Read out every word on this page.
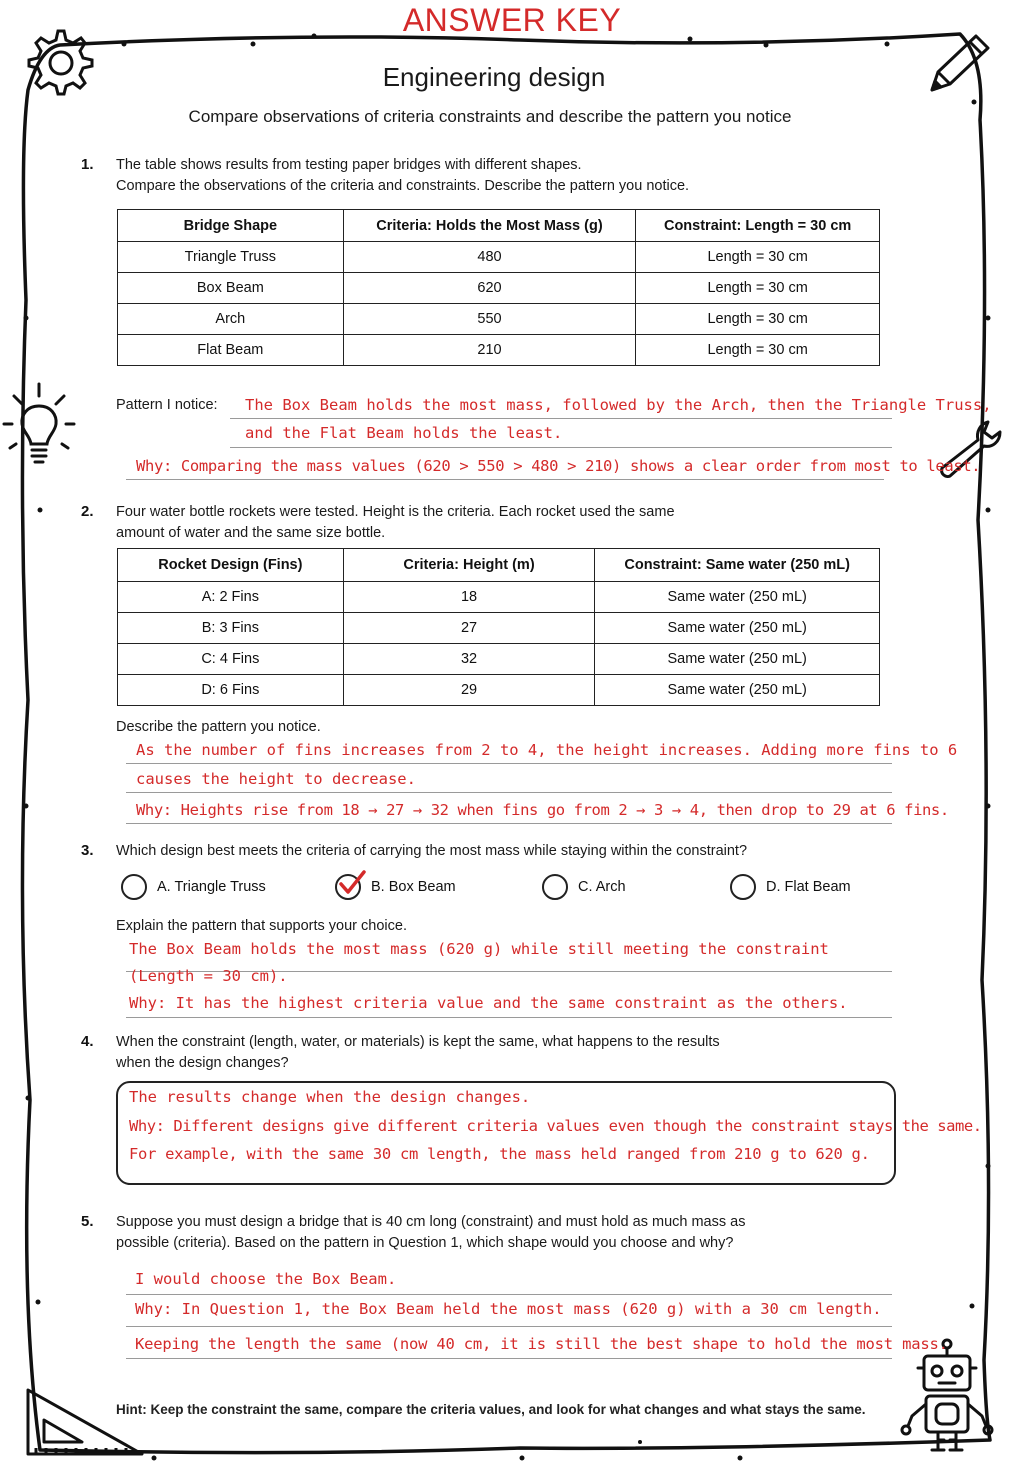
ANSWER KEY
Engineering design
Compare observations of criteria constraints and describe the pattern you notice
1. The table shows results from testing paper bridges with different shapes.
Compare the observations of the criteria and constraints. Describe the pattern you notice.
Bridge Shape	Criteria: Holds the Most Mass (g)	Constraint: Length = 30 cm
Triangle Truss	480	Length = 30 cm
Box Beam	620	Length = 30 cm
Arch	550	Length = 30 cm
Flat Beam	210	Length = 30 cm
Pattern I notice: The Box Beam holds the most mass, followed by the Arch, then the Triangle Truss,
and the Flat Beam holds the least.
Why: Comparing the mass values (620 > 550 > 480 > 210) shows a clear order from most to least.
2. Four water bottle rockets were tested. Height is the criteria. Each rocket used the same
amount of water and the same size bottle.
Rocket Design (Fins)	Criteria: Height (m)	Constraint: Same water (250 mL)
A: 2 Fins	18	Same water (250 mL)
B: 3 Fins	27	Same water (250 mL)
C: 4 Fins	32	Same water (250 mL)
D: 6 Fins	29	Same water (250 mL)
Describe the pattern you notice.
As the number of fins increases from 2 to 4, the height increases. Adding more fins to 6
causes the height to decrease.
Why: Heights rise from 18 → 27 → 32 when fins go from 2 → 3 → 4, then drop to 29 at 6 fins.
3. Which design best meets the criteria of carrying the most mass while staying within the constraint?
A. Triangle Truss	B. Box Beam	C. Arch	D. Flat Beam
Explain the pattern that supports your choice.
The Box Beam holds the most mass (620 g) while still meeting the constraint
(Length = 30 cm).
Why: It has the highest criteria value and the same constraint as the others.
4. When the constraint (length, water, or materials) is kept the same, what happens to the results
when the design changes?
The results change when the design changes.
Why: Different designs give different criteria values even though the constraint stays the same.
For example, with the same 30 cm length, the mass held ranged from 210 g to 620 g.
5. Suppose you must design a bridge that is 40 cm long (constraint) and must hold as much mass as
possible (criteria). Based on the pattern in Question 1, which shape would you choose and why?
I would choose the Box Beam.
Why: In Question 1, the Box Beam held the most mass (620 g) with a 30 cm length.
Keeping the length the same (now 40 cm, it is still the best shape to hold the most mass.
Hint: Keep the constraint the same, compare the criteria values, and look for what changes and what stays the same.
